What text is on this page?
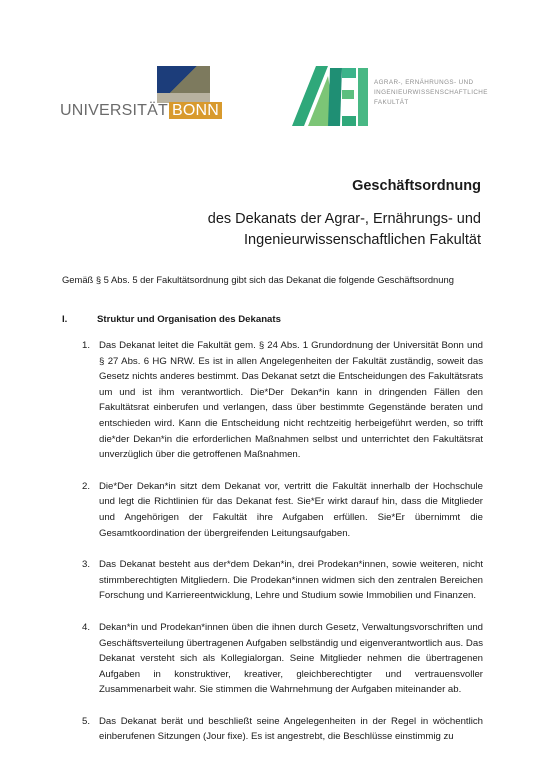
UNIVERSITÄT BONN
AGRAR-, ERNÄHRUNGS- UND
INGENIEURWISSENSCHAFTLICHE
FAKULTÄT
Geschäftsordnung
des Dekanats der Agrar-, Ernährungs- und
Ingenieurwissenschaftlichen Fakultät
Gemäß § 5 Abs. 5 der Fakultätsordnung gibt sich das Dekanat die folgende Geschäftsordnung
I.	Struktur und Organisation des Dekanats
1. Das Dekanat leitet die Fakultät gem. § 24 Abs. 1 Grundordnung der Universität Bonn und § 27 Abs. 6 HG NRW. Es ist in allen Angelegenheiten der Fakultät zuständig, soweit das Gesetz nichts anderes bestimmt. Das Dekanat setzt die Entscheidungen des Fakultätsrats um und ist ihm verantwortlich. Die*Der Dekan*in kann in dringenden Fällen den Fakultätsrat einberufen und verlangen, dass über bestimmte Gegenstände beraten und entschieden wird. Kann die Entscheidung nicht rechtzeitig herbeigeführt werden, so trifft die*der Dekan*in die erforderlichen Maßnahmen selbst und unterrichtet den Fakultätsrat unverzüglich über die getroffenen Maßnahmen.
2. Die*Der Dekan*in sitzt dem Dekanat vor, vertritt die Fakultät innerhalb der Hochschule und legt die Richtlinien für das Dekanat fest. Sie*Er wirkt darauf hin, dass die Mitglieder und Angehörigen der Fakultät ihre Aufgaben erfüllen. Sie*Er übernimmt die Gesamtkoordination der übergreifenden Leitungsaufgaben.
3. Das Dekanat besteht aus der*dem Dekan*in, drei Prodekan*innen, sowie weiteren, nicht stimmberechtigten Mitgliedern. Die Prodekan*innen widmen sich den zentralen Bereichen Forschung und Karriereentwicklung, Lehre und Studium sowie Immobilien und Finanzen.
4. Dekan*in und Prodekan*innen üben die ihnen durch Gesetz, Verwaltungsvorschriften und Geschäftsverteilung übertragenen Aufgaben selbständig und eigenverantwortlich aus. Das Dekanat versteht sich als Kollegialorgan. Seine Mitglieder nehmen die übertragenen Aufgaben in konstruktiver, kreativer, gleichberechtigter und vertrauensvoller Zusammenarbeit wahr. Sie stimmen die Wahrnehmung der Aufgaben miteinander ab.
5. Das Dekanat berät und beschließt seine Angelegenheiten in der Regel in wöchentlich einberufenen Sitzungen (Jour fixe). Es ist angestrebt, die Beschlüsse einstimmig zu
